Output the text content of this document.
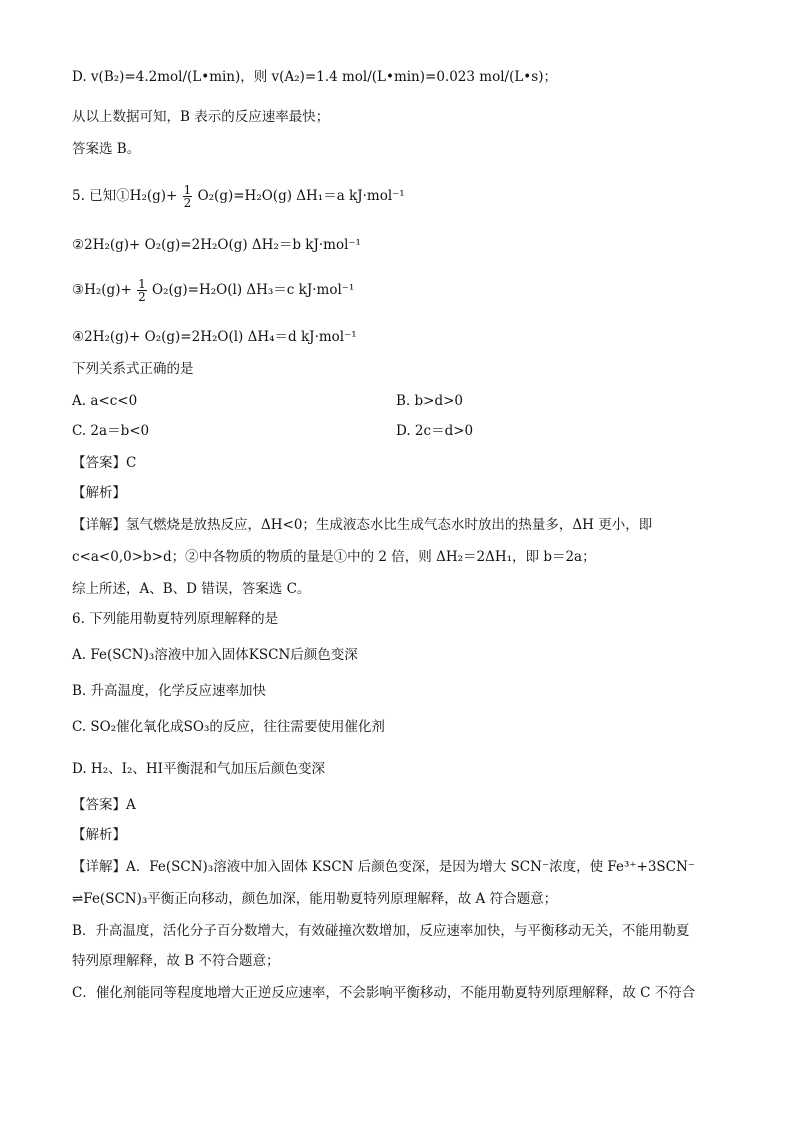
D. v(B₂)=4.2mol/(L•min)，则 v(A₂)=1.4 mol/(L•min)=0.023 mol/(L•s)；
从以上数据可知，B 表示的反应速率最快；
答案选 B。
5. 已知①H₂(g)+ $\frac{1}{2} O_2(g)=H_2O(g)$ ΔH₁＝a kJ·mol⁻¹
②2H₂(g)+ O₂(g)=2H₂O(g) ΔH₂＝b kJ·mol⁻¹
③H₂(g)+ $\frac{1}{2} O_2(g)=H_2O(l)$ ΔH₃＝c kJ·mol⁻¹
④2H₂(g)+ O₂(g)=2H₂O(l) ΔH₄＝d kJ·mol⁻¹
下列关系式正确的是
A. a<c<0	B. b>d>0
C. 2a＝b<0	D. 2c＝d>0
【答案】C
【解析】
【详解】氢气燃烧是放热反应，ΔH<0；生成液态水比生成气态水时放出的热量多，ΔH 更小，即
c<a<0,0>b>d；②中各物质的物质的量是①中的 2 倍，则 ΔH₂＝2ΔH₁，即 b＝2a；
综上所述，A、B、D 错误，答案选 C。
6. 下列能用勒夏特列原理解释的是
A. Fe(SCN)₃溶液中加入固体KSCN后颜色变深
B. 升高温度，化学反应速率加快
C. SO₂催化氧化成SO₃的反应，往往需要使用催化剂
D. H₂、I₂、HI平衡混和气加压后颜色变深
【答案】A
【解析】
【详解】A．Fe(SCN)₃溶液中加入固体 KSCN 后颜色变深，是因为增大 SCN⁻浓度，使 Fe³⁺+3SCN⁻
⇌Fe(SCN)₃平衡正向移动，颜色加深，能用勒夏特列原理解释，故 A 符合题意；
B．升高温度，活化分子百分数增大，有效碰撞次数增加，反应速率加快，与平衡移动无关，不能用勒夏
特列原理解释，故 B 不符合题意；
C．催化剂能同等程度地增大正逆反应速率，不会影响平衡移动，不能用勒夏特列原理解释，故 C 不符合
